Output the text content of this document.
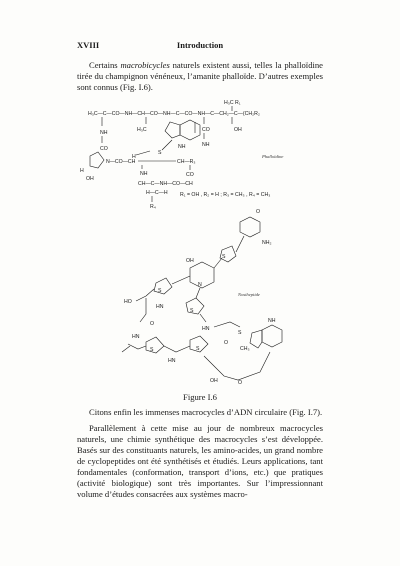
XVIII	Introduction

Certains macrobicycles naturels existent aussi, telles la phalloïdine tirée du champignon vénéneux, l’amanite phalloïde. D’autres exemples sont connus (Fig. I.6).

H₃C R₁
H₃C—C—CO—NH—CH—CO—NH—C—CO—NH—C—CH₂—C—(CH₂R₂
OH
NH
CO
H₃C
NH
CO
NH
S
H
N—CO—CH	CH—R₃
H
OH
NH	CO
CH—C—NH—CO—CH
H—C—H
R₄
Phalloïdine
R₁ = OH , R₂ = H ; R₃ = CH₃ , R₄ = CH₃
O
NH₂
S
OH
N
S
S
Nosiheptide
HO
HN
O
HN
S	S
HN
HN
S
O
NH
CH₃
OH	O
Figure I.6

Citons enfin les immenses macrocycles d’ADN circulaire (Fig. I.7).

Parallèlement à cette mise au jour de nombreux macrocycles naturels, une chimie synthétique des macrocycles s’est développée. Basés sur des constituants naturels, les amino-acides, un grand nombre de cyclopeptides ont été synthétisés et étudiés. Leurs applications, tant fondamentales (conformation, transport d’ions, etc.) que pratiques (activité biologique) sont très importantes. Sur l’impressionnant volume d’études consacrées aux systèmes macro-
